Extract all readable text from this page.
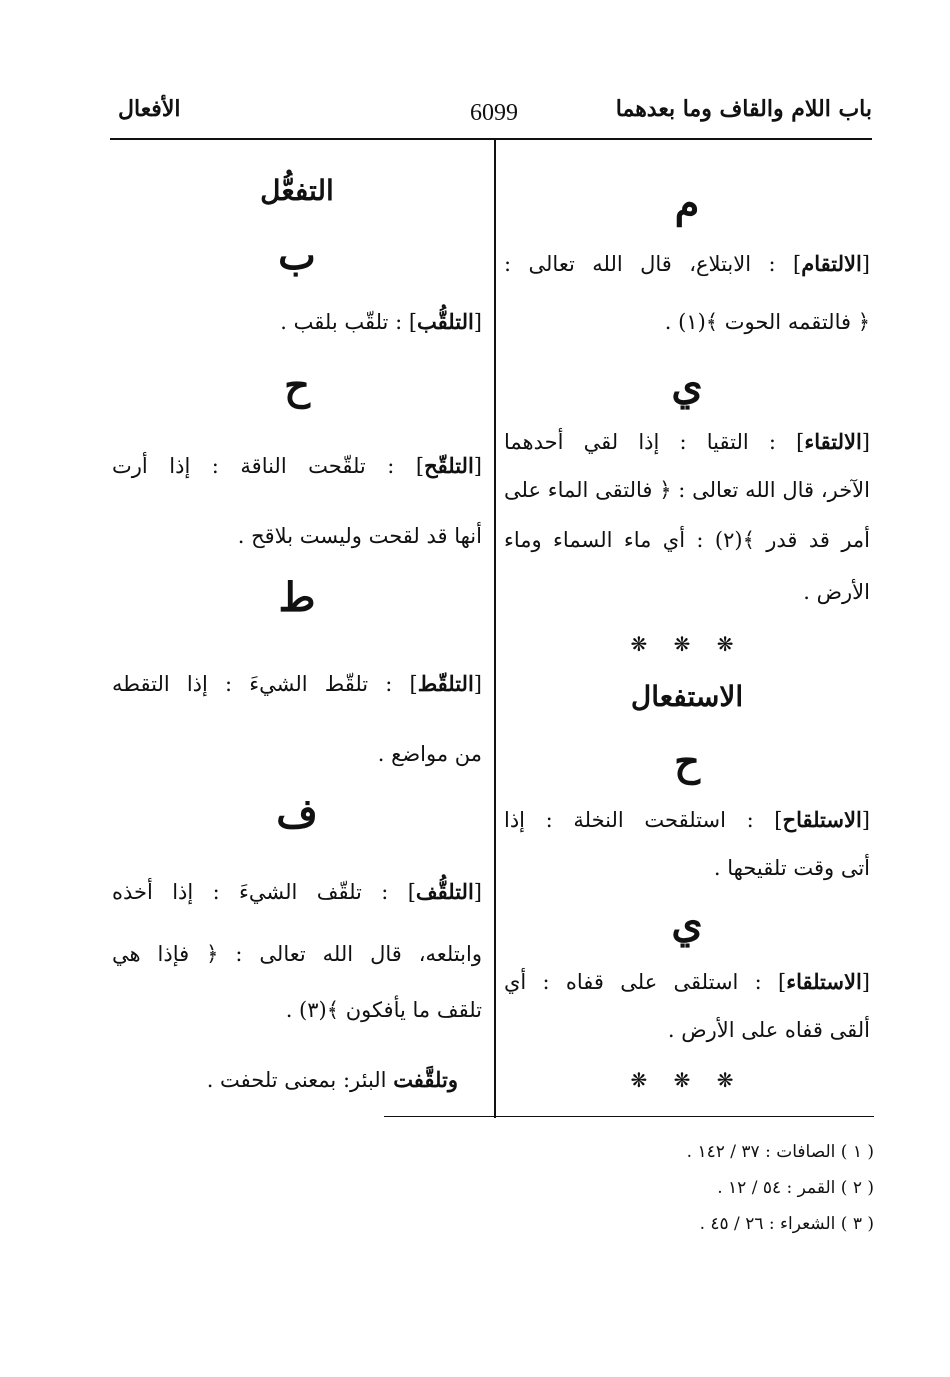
باب اللام والقاف وما بعدهما
6099
الأفعال
م
[الالتقام] : الابتلاع، قال الله تعالى :
﴿ فالتقمه الحوت ﴾(١) .
ي
[الالتقاء] : التقيا : إذا لقي أحدهما
الآخر، قال الله تعالى : ﴿ فالتقى الماء على
أمر قد قدر ﴾(٢) : أي ماء السماء وماء
الأرض .
❋ ❋ ❋
الاستفعال
ح
[الاستلقاح] : استلقحت النخلة : إذا
أتى وقت تلقيحها .
ي
[الاستلقاء] : استلقى على قفاه : أي
ألقى قفاه على الأرض .
❋ ❋ ❋
التفعُّل
ب
[التلقُّب] : تلقّب بلقب .
ح
[التلقّح] : تلقّحت الناقة : إذا أرت
أنها قد لقحت وليست بلاقح .
ط
[التلقّط] : تلقّط الشيءَ : إذا التقطه
من مواضع .
ف
[التلقُّف] : تلقّف الشيءَ : إذا أخذه
وابتلعه، قال الله تعالى : ﴿ فإذا هي
تلقف ما يأفكون ﴾(٣) .
وتلقَّفت البئر: بمعنى تلحفت .
( ١ ) الصافات : ٣٧ / ١٤٢ .
( ٢ ) القمر : ٥٤ / ١٢ .
( ٣ ) الشعراء : ٢٦ / ٤٥ .
